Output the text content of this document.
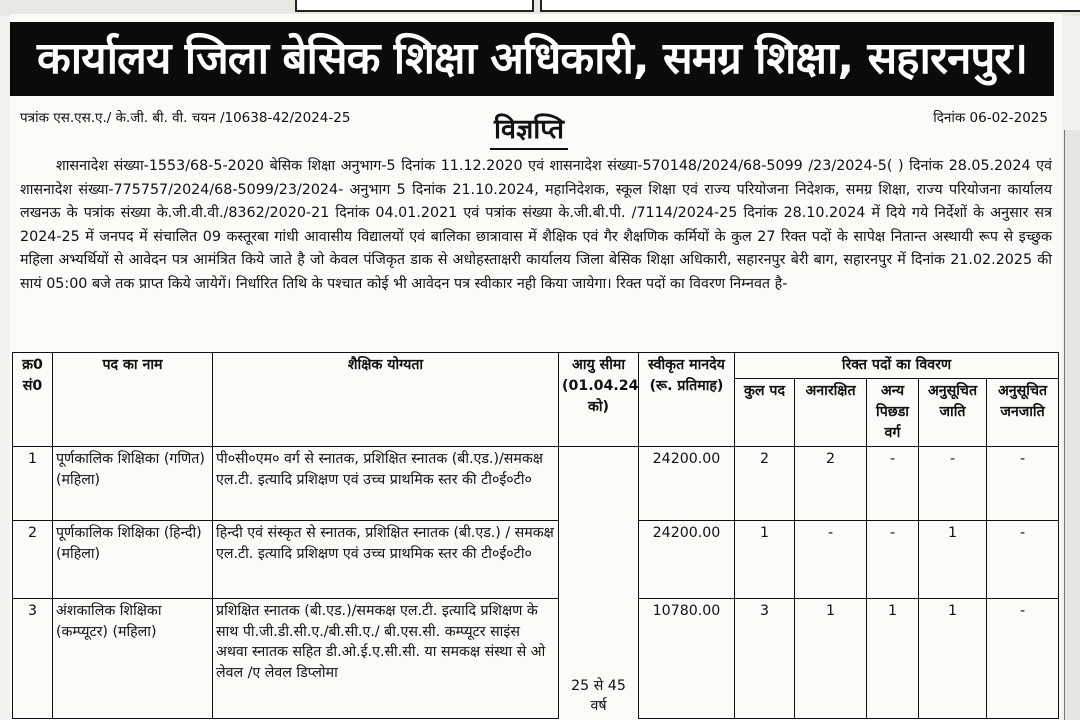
कार्यालय जिला बेसिक शिक्षा अधिकारी, समग्र शिक्षा, सहारनपुर।
पत्रांक एस.एस.ए./ के.जी. बी. वी. चयन /10638-42/2024-25	विज्ञप्ति	दिनांक 06-02-2025
शासनादेश संख्या-1553/68-5-2020 बेसिक शिक्षा अनुभाग-5 दिनांक 11.12.2020 एवं शासनादेश संख्या-570148/2024/68-5099 /23/2024-5( ) दिनांक 28.05.2024 एवं शासनादेश संख्या-775757/2024/68-5099/23/2024- अनुभाग 5 दिनांक 21.10.2024, महानिदेशक, स्कूल शिक्षा एवं राज्य परियोजना निदेशक, समग्र शिक्षा, राज्य परियोजना कार्यालय लखनऊ के पत्रांक संख्या के.जी.वी.वी./8362/2020-21 दिनांक 04.01.2021 एवं पत्रांक संख्या के.जी.बी.पी. /7114/2024-25 दिनांक 28.10.2024 में दिये गये निर्देशों के अनुसार सत्र 2024-25 में जनपद में संचालित 09 कस्तूरबा गांधी आवासीय विद्यालयों एवं बालिका छात्रावास में शैक्षिक एवं गैर शैक्षणिक कर्मियों के कुल 27 रिक्त पदों के सापेक्ष नितान्त अस्थायी रूप से इच्छुक महिला अभ्यर्थियों से आवेदन पत्र आमंत्रित किये जाते है जो केवल पंजिकृत डाक से अधोहस्ताक्षरी कार्यालय जिला बेसिक शिक्षा अधिकारी, सहारनपुर बेरी बाग, सहारनपुर में दिनांक 21.02.2025 की सायं 05:00 बजे तक प्राप्त किये जायेगें। निर्धारित तिथि के पश्चात कोई भी आवेदन पत्र स्वीकार नही किया जायेगा। रिक्त पदों का विवरण निम्नवत है-
क्र0 सं0	पद का नाम	शैक्षिक योग्यता	आयु सीमा (01.04.24 को)	स्वीकृत मानदेय (रू. प्रतिमाह)	रिक्त पदों का विवरण				
					कुल पद	अनारक्षित	अन्य पिछडा वर्ग	अनुसूचित जाति	अनुसूचित जनजाति
1	पूर्णकालिक शिक्षिका (गणित) (महिला)	पी०सी०एम० वर्ग से स्नातक, प्रशिक्षित स्नातक (बी.एड.)/समकक्ष एल.टी. इत्यादि प्रशिक्षण एवं उच्च प्राथमिक स्तर की टी०ई०टी०	25 से 45 वर्ष	24200.00	2	2	-	-	-
2	पूर्णकालिक शिक्षिका (हिन्दी) (महिला)	हिन्दी एवं संस्कृत से स्नातक, प्रशिक्षित स्नातक (बी.एड.) / समकक्ष एल.टी. इत्यादि प्रशिक्षण एवं उच्च प्राथमिक स्तर की टी०ई०टी०		24200.00	1	-	-	1	-
3	अंशकालिक शिक्षिका (कम्प्यूटर) (महिला)	प्रशिक्षित स्नातक (बी.एड.)/समकक्ष एल.टी. इत्यादि प्रशिक्षण के साथ पी.जी.डी.सी.ए./बी.सी.ए./ बी.एस.सी. कम्प्यूटर साइंस अथवा स्नातक सहित डी.ओ.ई.ए.सी.सी. या समकक्ष संस्था से ओ लेवल /ए लेवल डिप्लोमा		10780.00	3	1	1	1	-
